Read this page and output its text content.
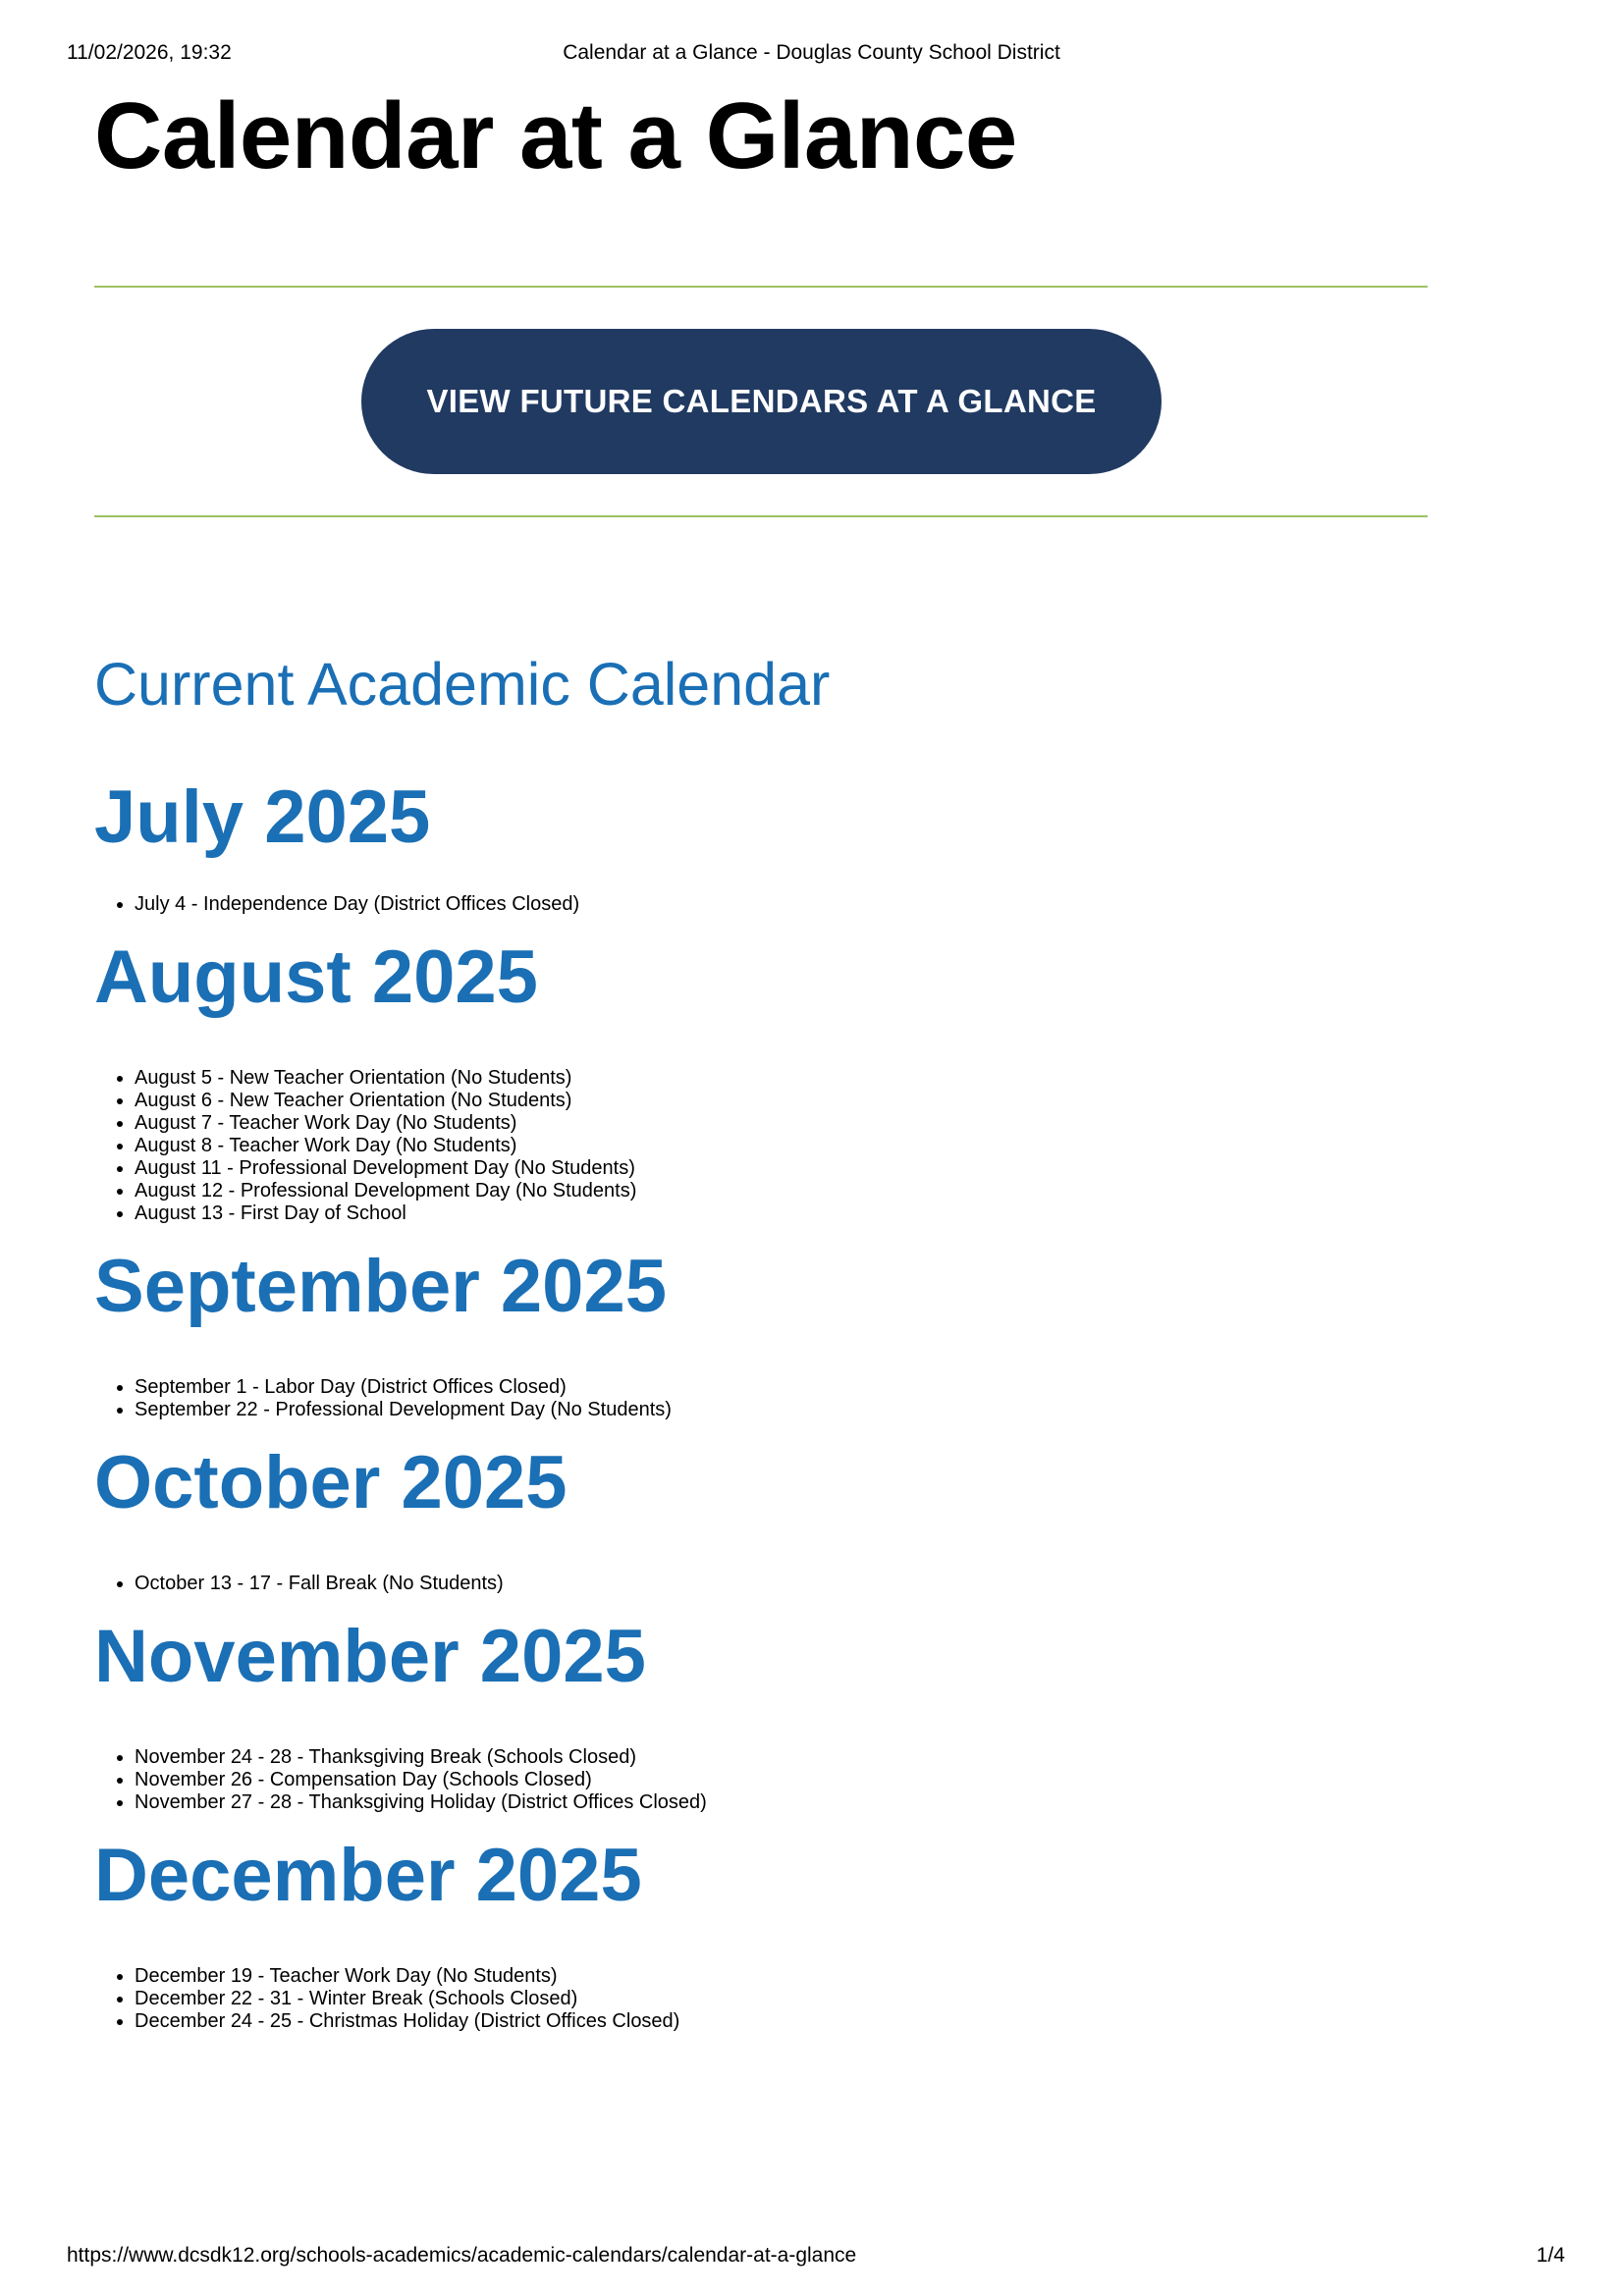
11/02/2026, 19:32	Calendar at a Glance - Douglas County School District
Calendar at a Glance
VIEW FUTURE CALENDARS AT A GLANCE
Current Academic Calendar
July 2025
• July 4 - Independence Day (District Offices Closed)
August 2025
• August 5 - New Teacher Orientation (No Students)
• August 6 - New Teacher Orientation (No Students)
• August 7 - Teacher Work Day (No Students)
• August 8 - Teacher Work Day (No Students)
• August 11 - Professional Development Day (No Students)
• August 12 - Professional Development Day (No Students)
• August 13 - First Day of School
September 2025
• September 1 - Labor Day (District Offices Closed)
• September 22 - Professional Development Day (No Students)
October 2025
• October 13 - 17 - Fall Break (No Students)
November 2025
• November 24 - 28 - Thanksgiving Break (Schools Closed)
• November 26 - Compensation Day (Schools Closed)
• November 27 - 28 - Thanksgiving Holiday (District Offices Closed)
December 2025
• December 19 - Teacher Work Day (No Students)
• December 22 - 31 - Winter Break (Schools Closed)
• December 24 - 25 - Christmas Holiday (District Offices Closed)
https://www.dcsdk12.org/schools-academics/academic-calendars/calendar-at-a-glance	1/4
